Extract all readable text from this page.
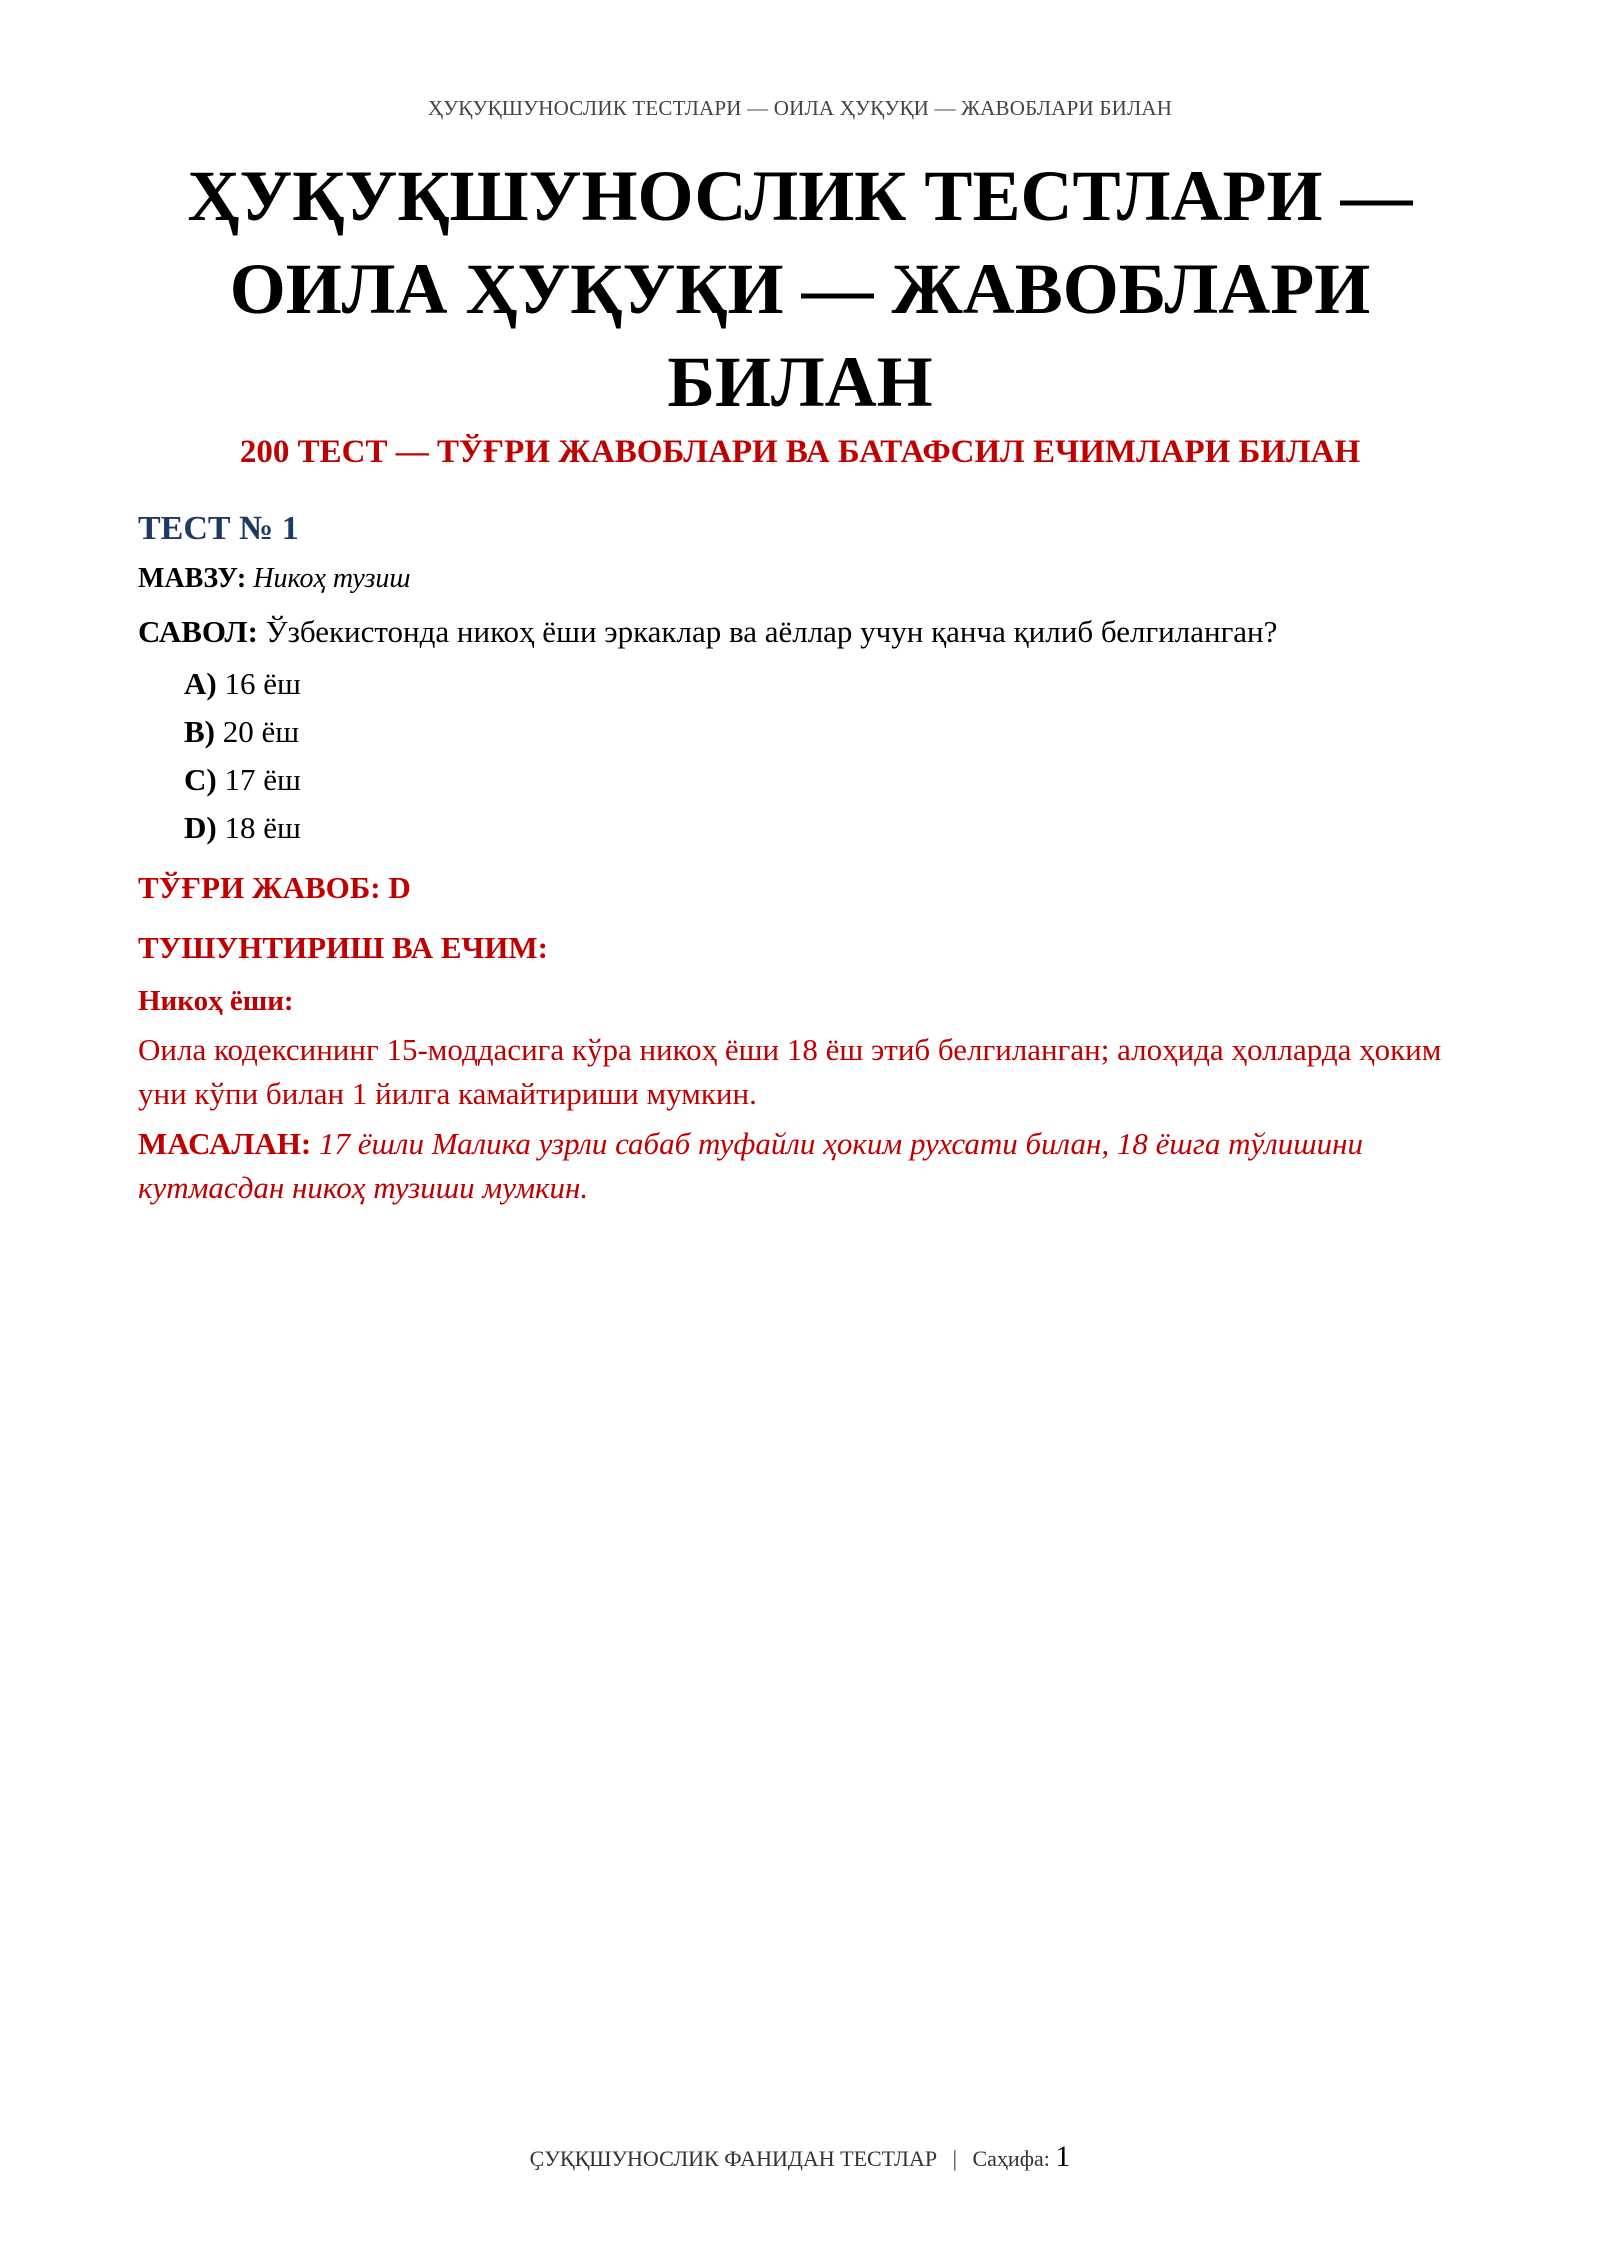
ҲУҚУҚШУНОСЛИК ТЕСТЛАРИ — ОИЛА ҲУҚУҚИ — ЖАВОБЛАРИ БИЛАН
ҲУҚУҚШУНОСЛИК ТЕСТЛАРИ — ОИЛА ҲУҚУҚИ — ЖАВОБЛАРИ БИЛАН
200 ТЕСТ — ТЎҒРИ ЖАВОБЛАРИ ВА БАТАФСИЛ ЕЧИМЛАРИ БИЛАН
ТЕСТ № 1
МАВЗУ: Никоҳ тузиш
САВОЛ: Ўзбекистонда никоҳ ёши эркаклар ва аёллар учун қанча қилиб белгиланган?
A) 16 ёш
B) 20 ёш
C) 17 ёш
D) 18 ёш
ТЎҒРИ ЖАВОБ: D
ТУШУНТИРИШ ВА ЕЧИМ:
Никоҳ ёши:
Оила кодексининг 15-моддасига кўра никоҳ ёши 18 ёш этиб белгиланган; алоҳида ҳолларда ҳоким уни кўпи билан 1 йилга камайтириши мумкин.
МАСАЛАН: 17 ёшли Малика узрли сабаб туфайли ҳоким рухсати билан, 18 ёшга тўлишини кутмасдан никоҳ тузиши мумкин.
ҪУҚҚШУНОСЛИК ФАНИДАН ТЕСТЛАР | Саҳифа: 1
